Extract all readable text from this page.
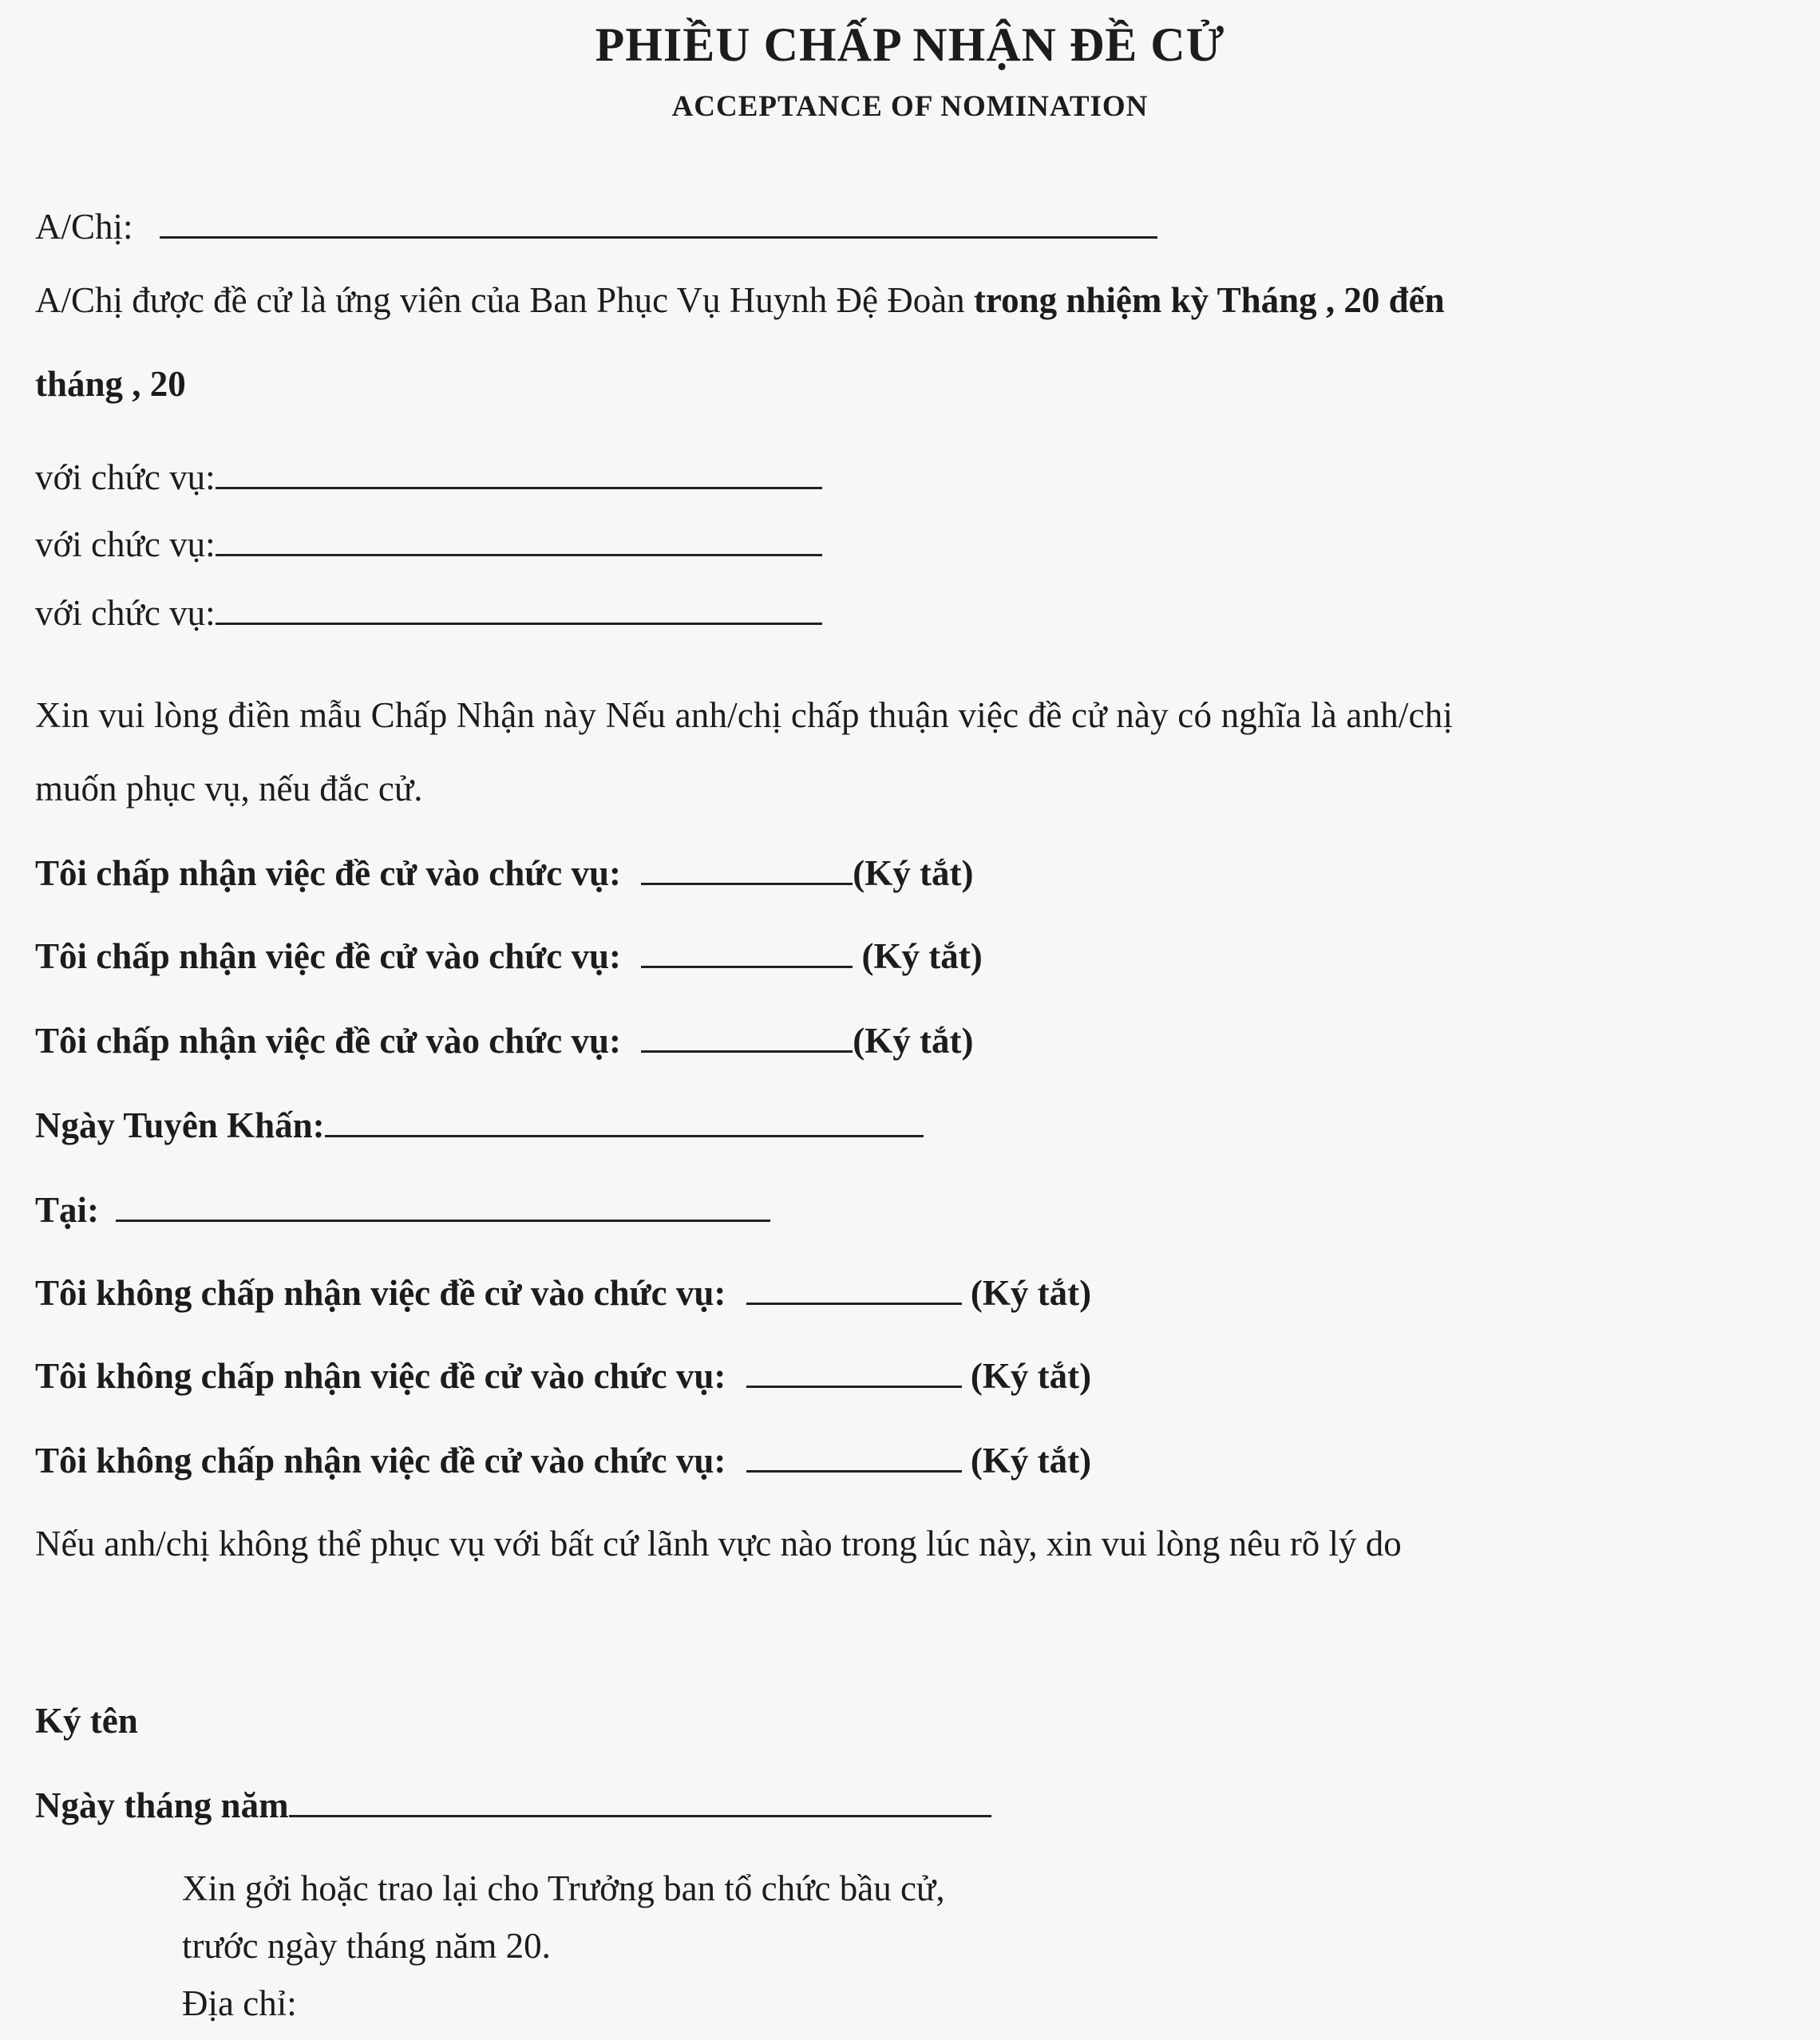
PHIỀU CHẤP NHẬN ĐỀ CỬ
ACCEPTANCE OF NOMINATION
A/Chị:
A/Chị được đề cử là ứng viên của Ban Phục Vụ Huynh Đệ Đoàn trong nhiệm kỳ Tháng , 20 đến
tháng , 20
với chức vụ:
với chức vụ:
với chức vụ:
Xin vui lòng điền mẫu Chấp Nhận này Nếu anh/chị chấp thuận việc đề cử này có nghĩa là anh/chị
muốn phục vụ, nếu đắc cử.
Tôi chấp nhận việc đề cử vào chức vụ:	(Ký tắt)
Tôi chấp nhận việc đề cử vào chức vụ:	(Ký tắt)
Tôi chấp nhận việc đề cử vào chức vụ:	(Ký tắt)
Ngày Tuyên Khấn:
Tại:
Tôi không chấp nhận việc đề cử vào chức vụ:	(Ký tắt)
Tôi không chấp nhận việc đề cử vào chức vụ:	(Ký tắt)
Tôi không chấp nhận việc đề cử vào chức vụ:	(Ký tắt)
Nếu anh/chị không thể phục vụ với bất cứ lãnh vực nào trong lúc này, xin vui lòng nêu rõ lý do
Ký tên
Ngày tháng năm
Xin gởi hoặc trao lại cho Trưởng ban tổ chức bầu cử,
trước ngày tháng năm 20.
Địa chỉ:
